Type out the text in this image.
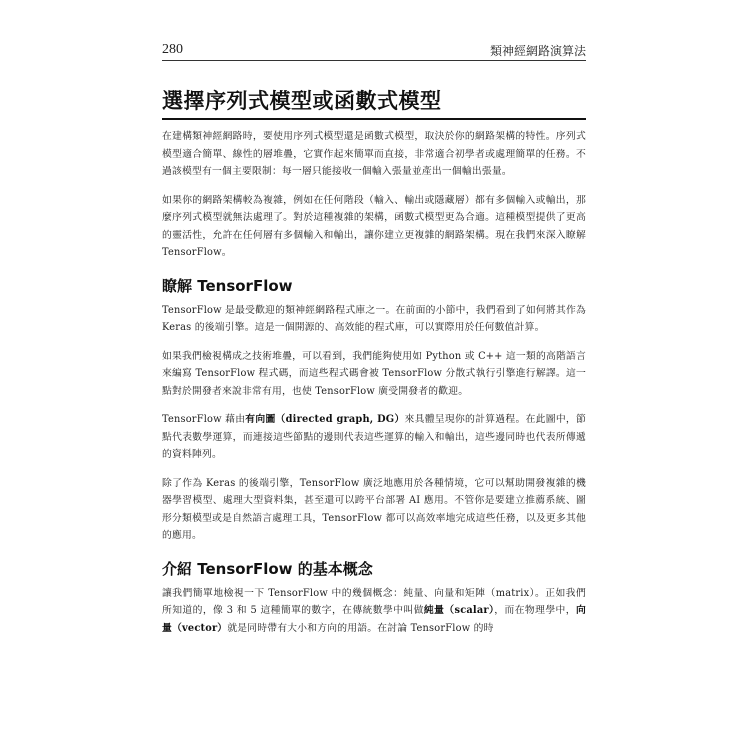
280	類神經網路演算法
選擇序列式模型或函數式模型

在建構類神經網路時，要使用序列式模型還是函數式模型，取決於你的網路架構的特性。序列式模型適合簡單、線性的層堆疊，它實作起來簡單而直接，非常適合初學者或處理簡單的任務。不過該模型有一個主要限制：每一層只能接收一個輸入張量並產出一個輸出張量。

如果你的網路架構較為複雜，例如在任何階段（輸入、輸出或隱藏層）都有多個輸入或輸出，那麼序列式模型就無法處理了。對於這種複雜的架構，函數式模型更為合適。這種模型提供了更高的靈活性，允許在任何層有多個輸入和輸出，讓你建立更複雜的網路架構。現在我們來深入瞭解 TensorFlow。

瞭解 TensorFlow

TensorFlow 是最受歡迎的類神經網路程式庫之一。在前面的小節中，我們看到了如何將其作為 Keras 的後端引擎。這是一個開源的、高效能的程式庫，可以實際用於任何數值計算。

如果我們檢視構成之技術堆疊，可以看到，我們能夠使用如 Python 或 C++ 這一類的高階語言來編寫 TensorFlow 程式碼，而這些程式碼會被 TensorFlow 分散式執行引擎進行解譯。這一點對於開發者來說非常有用，也使 TensorFlow 廣受開發者的歡迎。

TensorFlow 藉由有向圖（directed graph, DG）來具體呈現你的計算過程。在此圖中，節點代表數學運算，而連接這些節點的邊則代表這些運算的輸入和輸出，這些邊同時也代表所傳遞的資料陣列。

除了作為 Keras 的後端引擎，TensorFlow 廣泛地應用於各種情境，它可以幫助開發複雜的機器學習模型、處理大型資料集，甚至還可以跨平台部署 AI 應用。不管你是要建立推薦系統、圖形分類模型或是自然語言處理工具，TensorFlow 都可以高效率地完成這些任務，以及更多其他的應用。

介紹 TensorFlow 的基本概念

讓我們簡單地檢視一下 TensorFlow 中的幾個概念：純量、向量和矩陣（matrix）。正如我們所知道的，像 3 和 5 這種簡單的數字，在傳統數學中叫做純量（scalar），而在物理學中，向量（vector）就是同時帶有大小和方向的用語。在討論 TensorFlow 的時
